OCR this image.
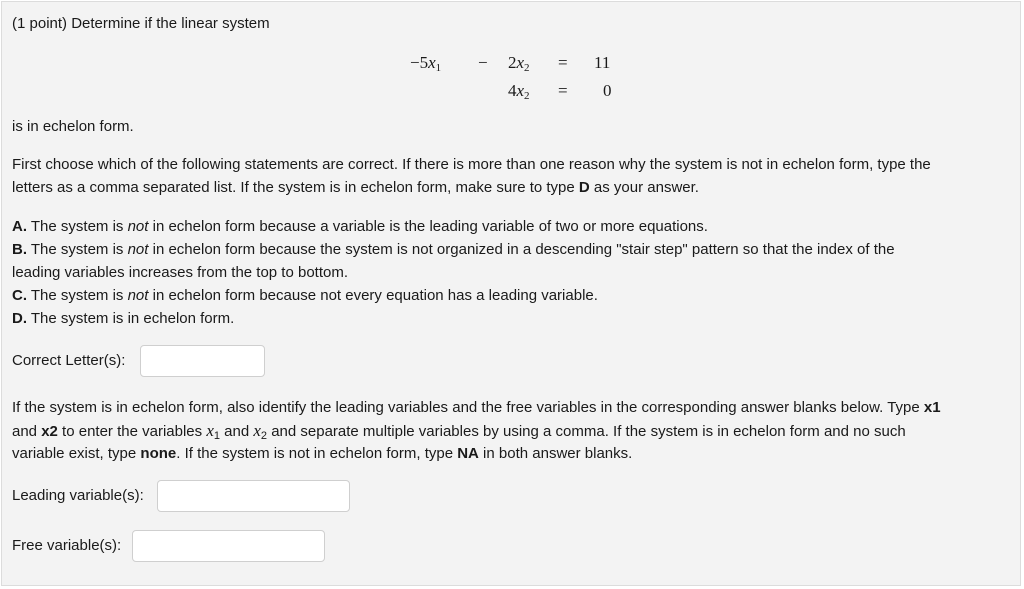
(1 point) Determine if the linear system
$-5x_1 - 2x_2 = 11$
$4x_2 = 0$
is in echelon form.
First choose which of the following statements are correct. If there is more than one reason why the system is not in echelon form, type the
letters as a comma separated list. If the system is in echelon form, make sure to type D as your answer.
A. The system is not in echelon form because a variable is the leading variable of two or more equations.
B. The system is not in echelon form because the system is not organized in a descending "stair step" pattern so that the index of the
leading variables increases from the top to bottom.
C. The system is not in echelon form because not every equation has a leading variable.
D. The system is in echelon form.
Correct Letter(s):
If the system is in echelon form, also identify the leading variables and the free variables in the corresponding answer blanks below. Type x1
and x2 to enter the variables $x_1$ and $x_2$ and separate multiple variables by using a comma. If the system is in echelon form and no such
variable exist, type none. If the system is not in echelon form, type NA in both answer blanks.
Leading variable(s):
Free variable(s):
